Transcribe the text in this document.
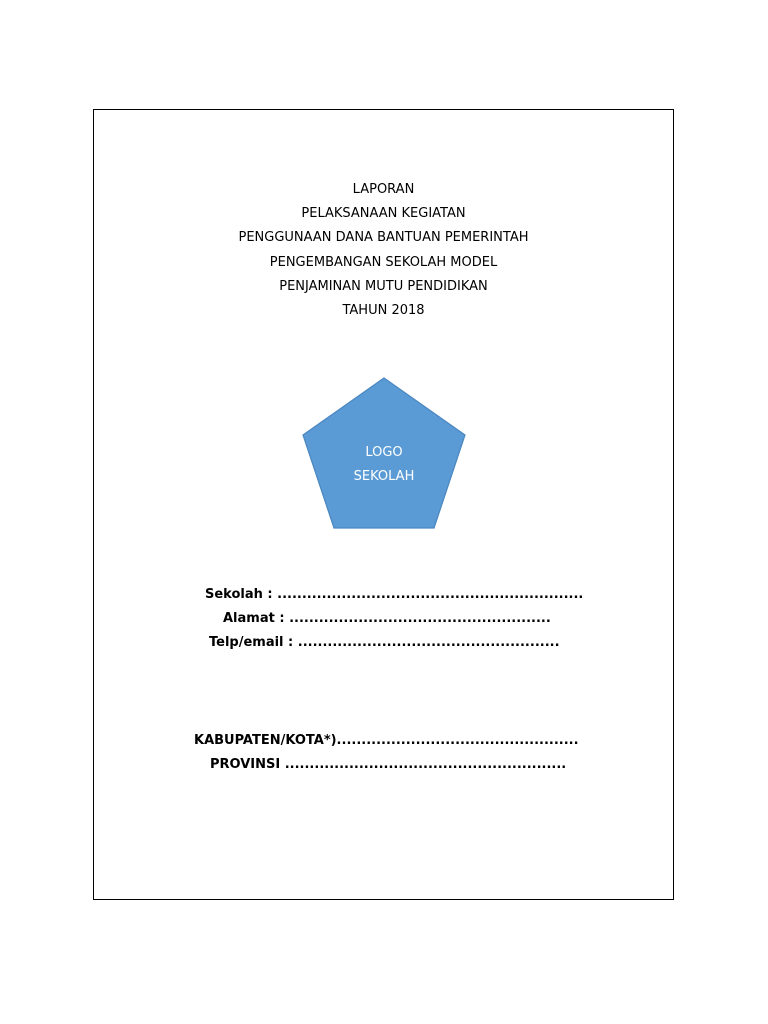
LAPORAN
PELAKSANAAN KEGIATAN
PENGGUNAAN DANA BANTUAN PEMERINTAH
PENGEMBANGAN SEKOLAH MODEL
PENJAMINAN MUTU PENDIDIKAN
TAHUN 2018
LOGO
SEKOLAH
Sekolah : ..............................................................
Alamat : .....................................................
Telp/email : .....................................................
KABUPATEN/KOTA*).................................................
PROVINSI .........................................................
